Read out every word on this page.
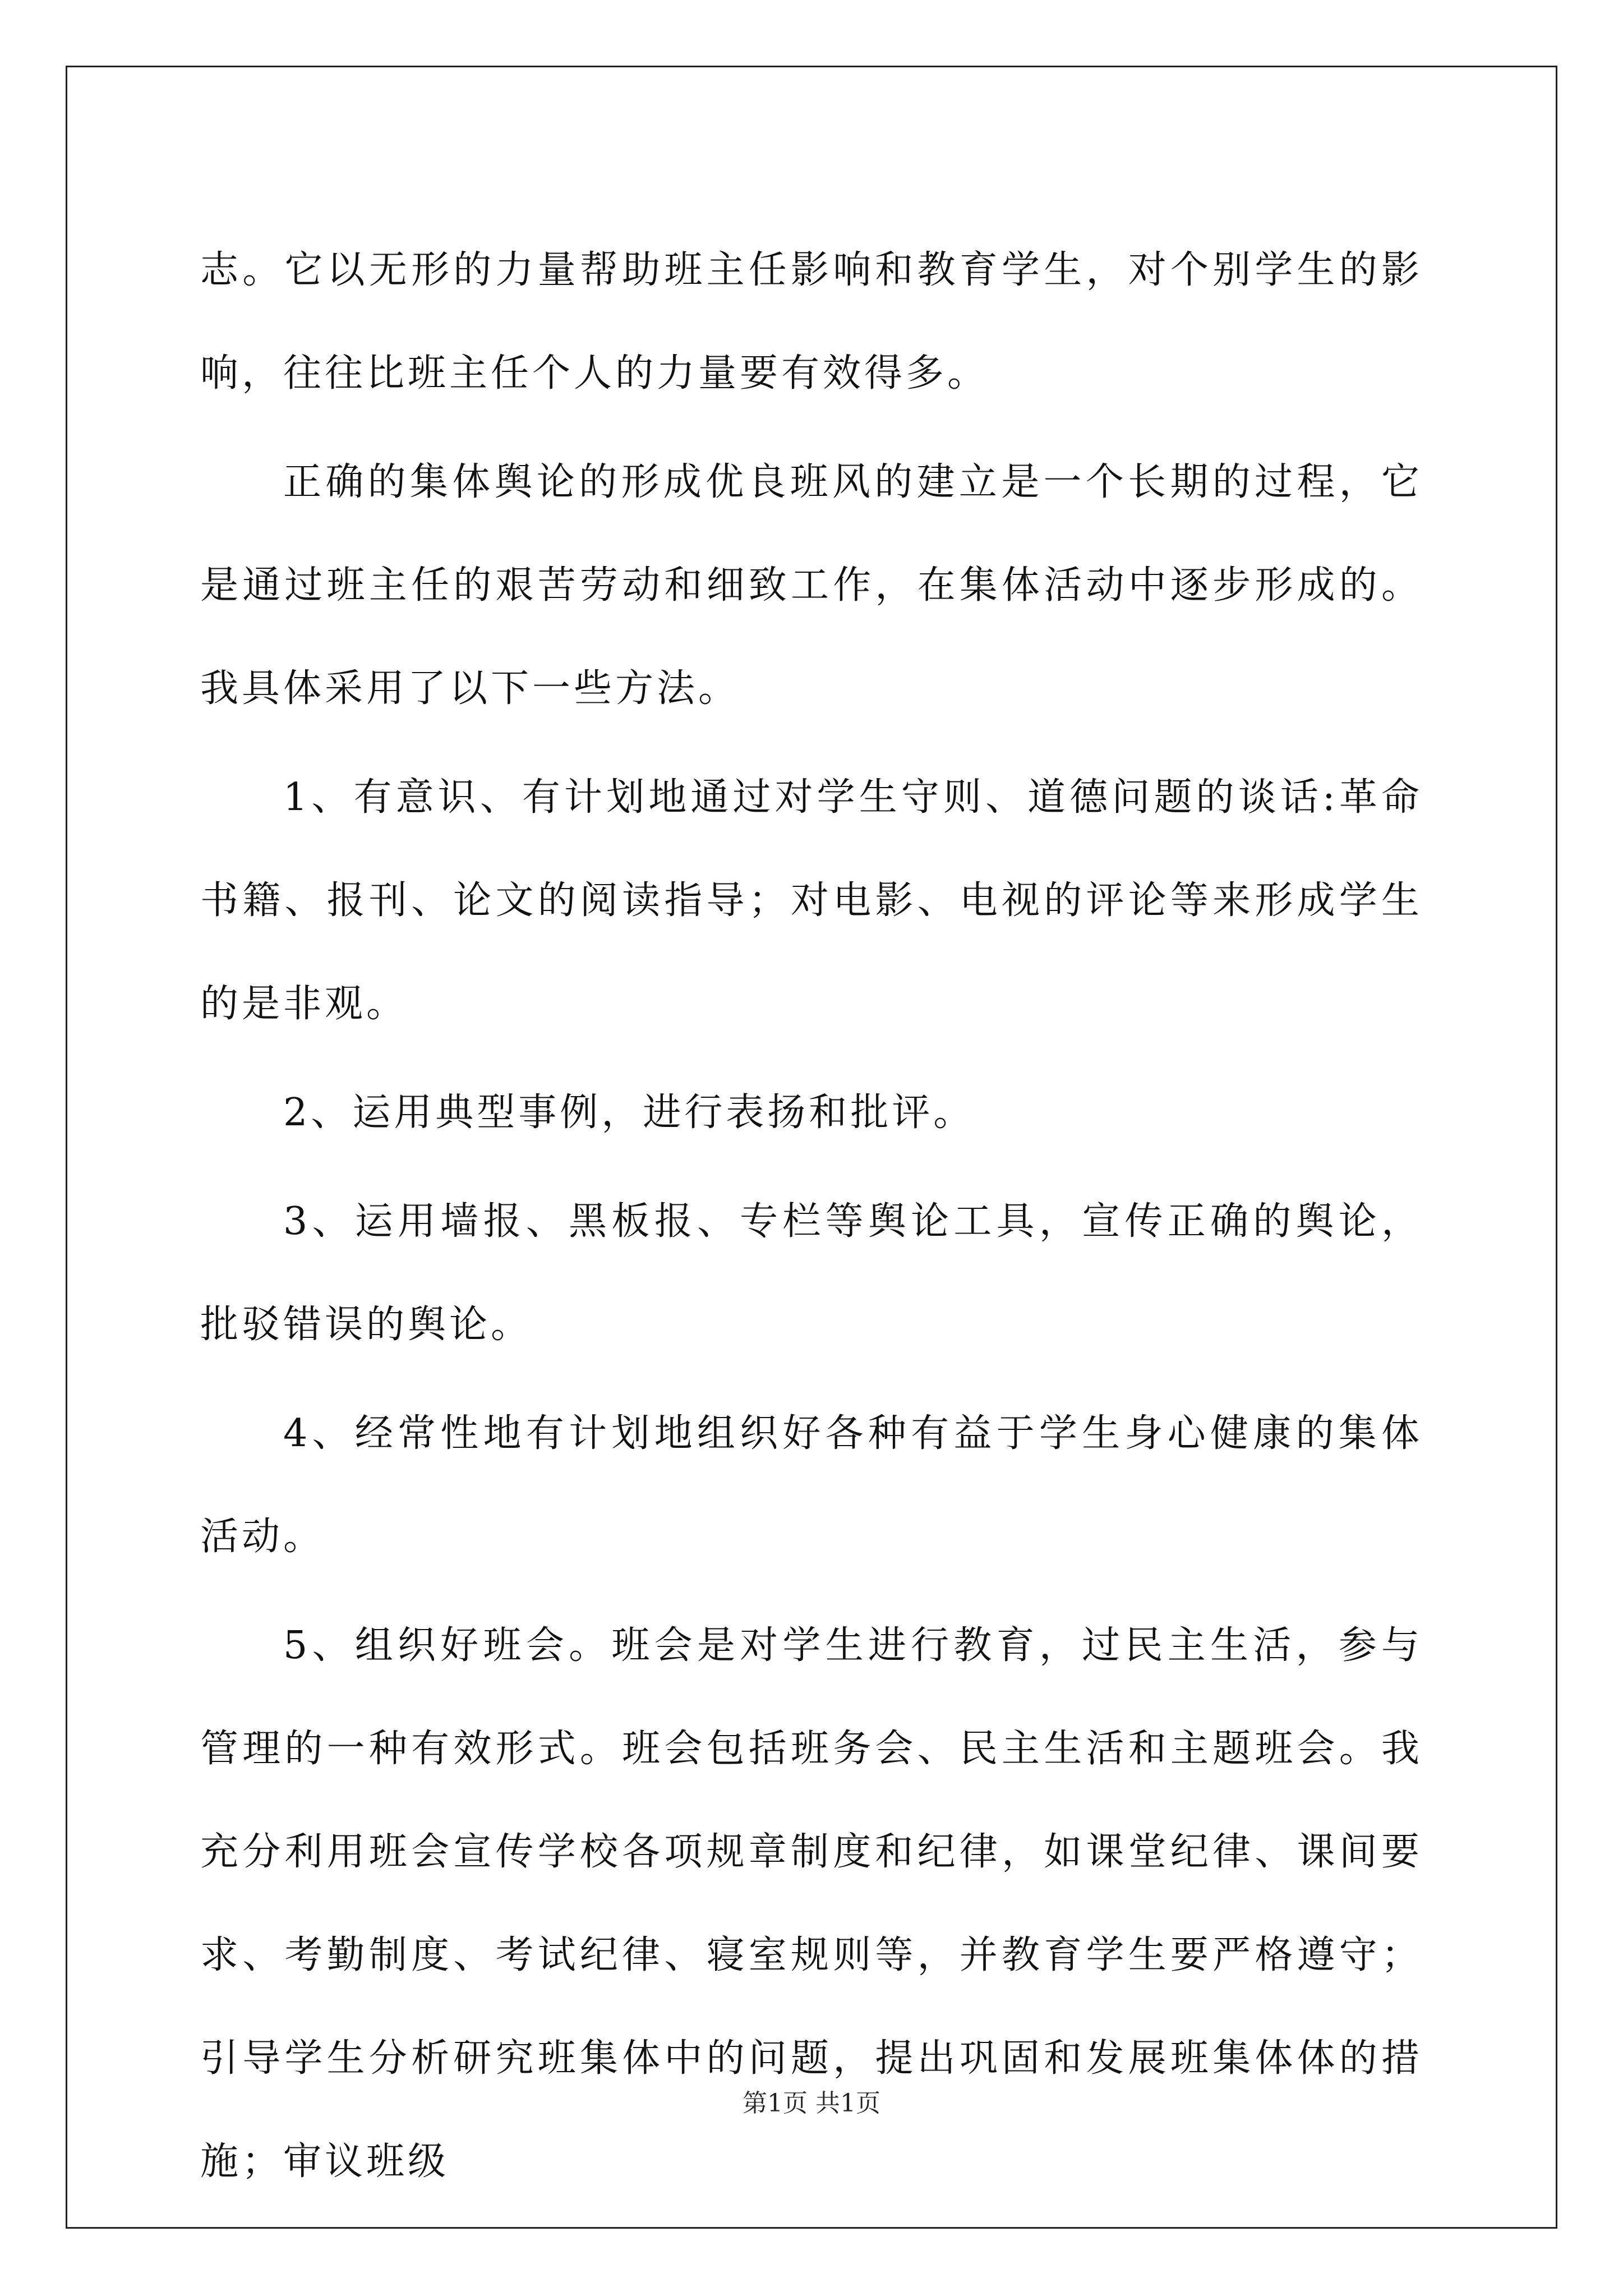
志。它以无形的力量帮助班主任影响和教育学生，对个别学生的影响，往往比班主任个人的力量要有效得多。

正确的集体舆论的形成优良班风的建立是一个长期的过程，它是通过班主任的艰苦劳动和细致工作，在集体活动中逐步形成的。我具体采用了以下一些方法。

1、有意识、有计划地通过对学生守则、道德问题的谈话:革命书籍、报刊、论文的阅读指导；对电影、电视的评论等来形成学生的是非观。

2、运用典型事例，进行表扬和批评。

3、运用墙报、黑板报、专栏等舆论工具，宣传正确的舆论，批驳错误的舆论。

4、经常性地有计划地组织好各种有益于学生身心健康的集体活动。

5、组织好班会。班会是对学生进行教育，过民主生活，参与管理的一种有效形式。班会包括班务会、民主生活和主题班会。我充分利用班会宣传学校各项规章制度和纪律，如课堂纪律、课间要求、考勤制度、考试纪律、寝室规则等，并教育学生要严格遵守；引导学生分析研究班集体中的问题，提出巩固和发展班集体体的措施；审议班级

第1页 共1页
